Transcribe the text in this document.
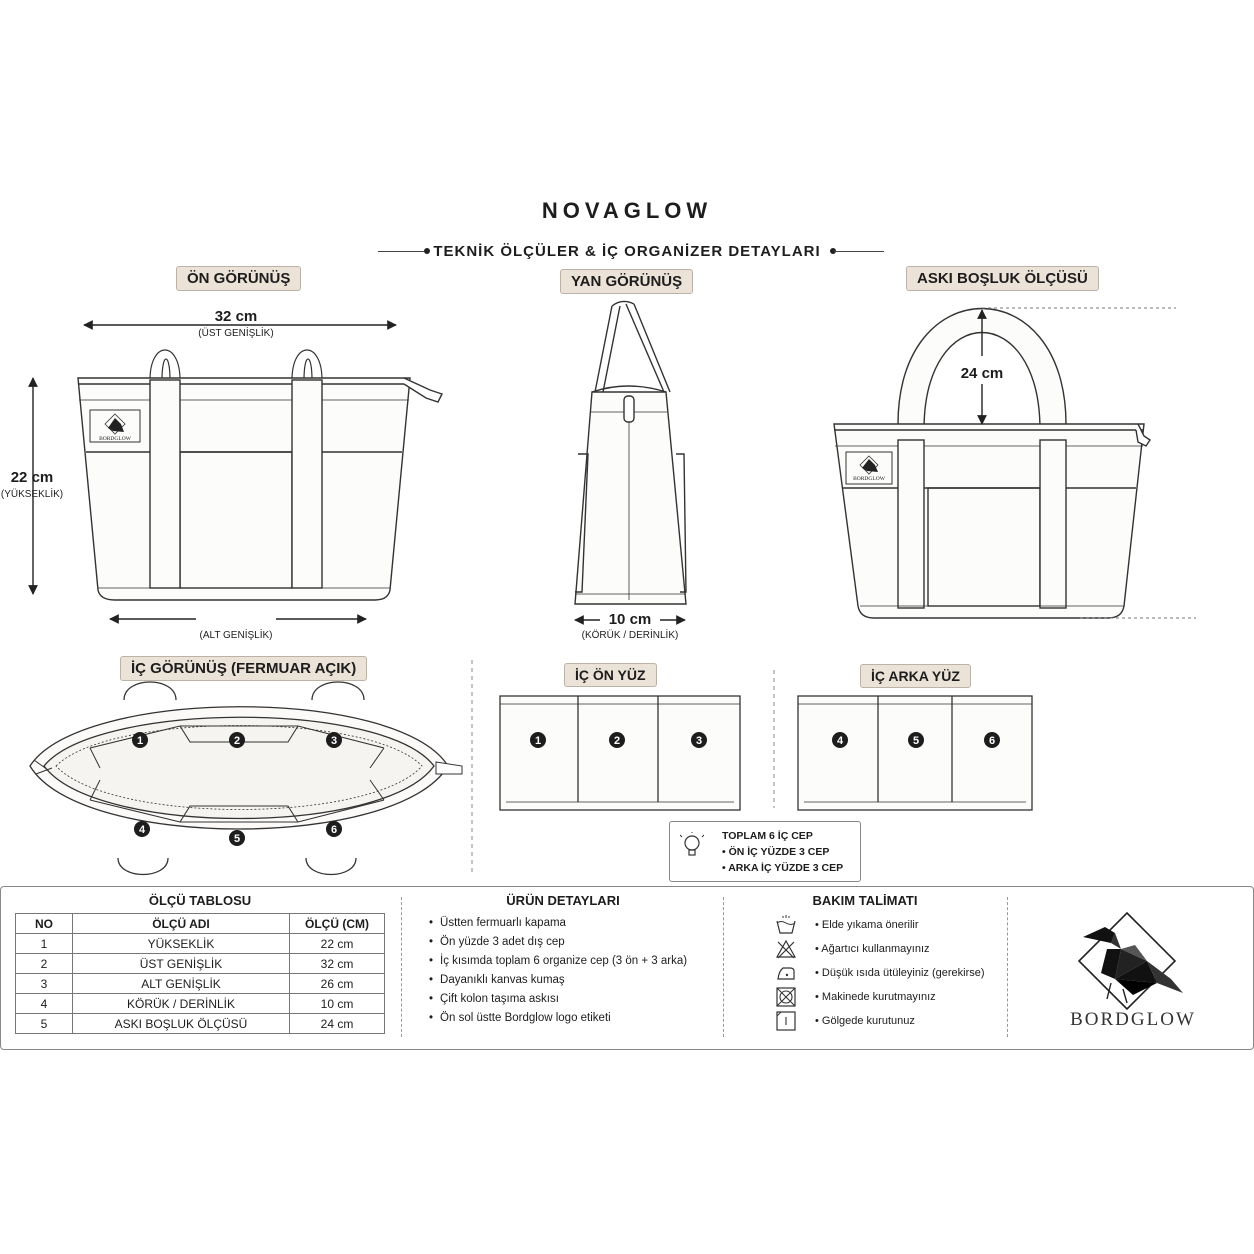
NOVAGLOW
TEKNİK ÖLÇÜLER & İÇ ORGANİZER DETAYLARI
ÖN GÖRÜNÜŞ	YAN GÖRÜNÜŞ	ASKI BOŞLUK ÖLÇÜSÜ
İÇ GÖRÜNÜŞ (FERMUAR AÇIK)	İÇ ÖN YÜZ	İÇ ARKA YÜZ
32 cm
(ÜST GENİŞLİK)
22 cm
(YÜKSEKLİK)
(ALT GENİŞLİK)
10 cm
(KÖRÜK / DERİNLİK)
24 cm
BORDGLOW
BORDGLOW
1	2	3
4
5
6
1	2	3	4	5	6
TOPLAM 6 İÇ CEP
• ÖN İÇ YÜZDE 3 CEP
• ARKA İÇ YÜZDE 3 CEP
ÖLÇÜ TABLOSU
NO	ÖLÇÜ ADI	ÖLÇÜ (CM)
1	YÜKSEKLİK	22 cm
2	ÜST GENİŞLİK	32 cm
3	ALT GENİŞLİK	26 cm
4	KÖRÜK / DERİNLİK	10 cm
5	ASKI BOŞLUK ÖLÇÜSÜ	24 cm
ÜRÜN DETAYLARI
• Üstten fermuarlı kapama
• Ön yüzde 3 adet dış cep
• İç kısımda toplam 6 organize cep (3 ön + 3 arka)
• Dayanıklı kanvas kumaş
• Çift kolon taşıma askısı
• Ön sol üstte Bordglow logo etiketi
BAKIM TALİMATI
• Elde yıkama önerilir
• Ağartıcı kullanmayınız
• Düşük ısıda ütüleyiniz (gerekirse)
• Makinede kurutmayınız
• Gölgede kurutunuz	BORDGLOW
